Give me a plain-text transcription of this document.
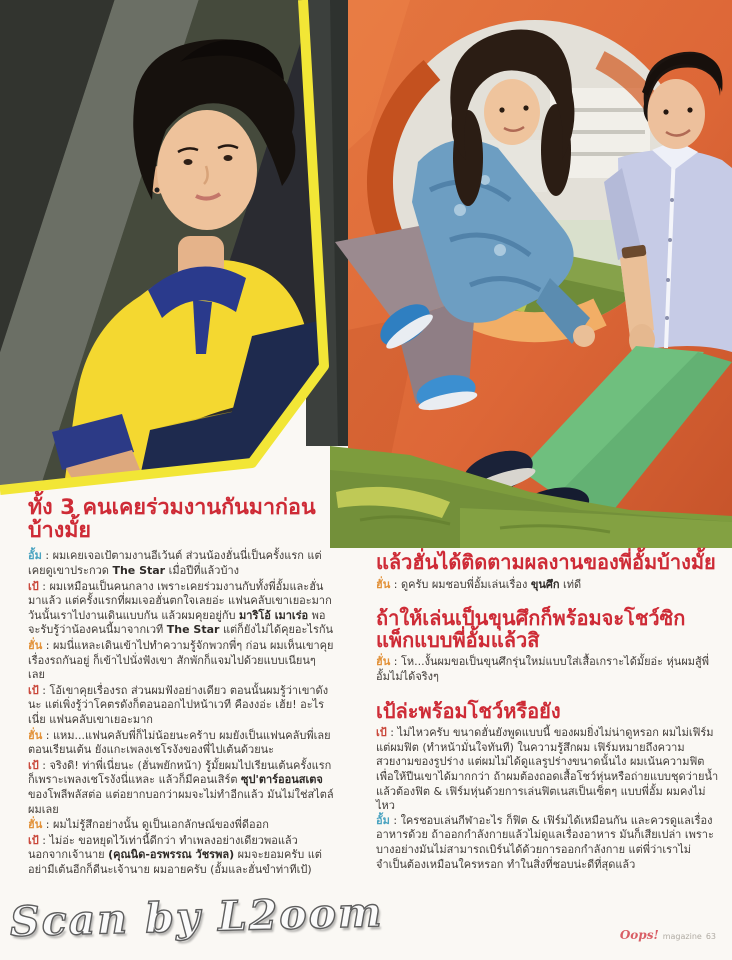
ทั้ง 3 คนเคยร่วมงานกันมาก่อนบ้างมั้ย

อั้ม : ผมเคยเจอเป้ตามงานอีเว้นต์ ส่วนน้องฮั่นนี่เป็นครั้งแรก แต่เคยดูเขาประกวด The Star เมื่อปีที่แล้วบ้าง

เป้ : ผมเหมือนเป็นคนกลาง เพราะเคยร่วมงานกับทั้งพี่อั้มและฮั่นมาแล้ว แต่ครั้งแรกที่ผมเจอฮั่นตกใจเลยอ่ะ แฟนคลับเขาเยอะมาก วันนั้นเราไปงานเดินแบบกัน แล้วผมคุยอยู่กับ มาริโอ้ เมาเร่อ พอจะรับรู้ว่าน้องคนนี้มาจากเวที The Star แต่ก็ยังไม่ได้คุยอะไรกัน

ฮั่น : ผมนี่แหละเดินเข้าไปทำความรู้จักพวกพี่ๆ ก่อน ผมเห็นเขาคุยเรื่องรถกันอยู่ ก็เข้าไปนั่งฟังเขา สักพักก็แจมไปด้วยแบบเนียนๆ เลย

เป้ : โอ้เขาคุยเรื่องรถ ส่วนผมฟังอย่างเดียว ตอนนั้นผมรู้ว่าเขาดังนะ แต่เพิ่งรู้ว่าโคตรดังก็ตอนออกไปหน้าเวที คืองงอ่ะ เฮ้ย! อะไรเนี่ย แฟนคลับเขาเยอะมาก

ฮั่น : แหม...แฟนคลับพี่ก็ไม่น้อยนะคร้าบ ผมยังเป็นแฟนคลับพี่เลย ตอนเรียนเต้น ยังแกะเพลงเชโรงังของพี่ไปเต้นด้วยนะ

เป้ : จริงดิ! ท่าพี่เนี่ยนะ (ฮั่นพยักหน้า) รู้มั้ยผมไปเรียนเต้นครั้งแรกก็เพราะเพลงเชโรงังนี่แหละ แล้วก็มีคอนเสิร์ต ซุป'ตาร์ออนสเตจ ของโพลีพลัสต่อ แต่อยากบอกว่าผมจะไม่ทำอีกแล้ว มันไม่ใช่สไตล์ผมเลย

ฮั่น : ผมไม่รู้สึกอย่างนั้น ดูเป็นเอกลักษณ์ของพี่ดีออก

เป้ : ไม่อ่ะ ขอหยุดไว้เท่านี้ดีกว่า ทำเพลงอย่างเดียวพอแล้ว นอกจากเจ้านาย (คุณนิด-อรพรรณ วัชรพล) ผมจะยอมครับ แต่อย่ามีเต้นอีกก็ดีนะเจ้านาย ผมอายครับ (อั้มและฮั่นขำท่าทีเป้)

แล้วฮั่นได้ติดตามผลงานของพี่อั้มบ้างมั้ย

ฮั่น : ดูครับ ผมชอบพี่อั้มเล่นเรื่อง ขุนศึก เท่ดี

ถ้าให้เล่นเป็นขุนศึกก็พร้อมจะโชว์ซิกแพ็กแบบพี่อั้มแล้วสิ

ฮั่น : โห...งั้นผมขอเป็นขุนศึกรุ่นใหม่แบบใส่เสื้อเกราะได้มั้ยอ่ะ หุ่นผมสู้พี่อั้มไม่ได้จริงๆ

เป้ล่ะพร้อมโชว์หรือยัง

เป้ : ไม่ไหวครับ ขนาดฮั่นยังพูดแบบนี้ ของผมยิ่งไม่น่าดูหรอก ผมไม่เฟิร์มแต่ผมฟิต (ทำหน้ามั่นใจทันที) ในความรู้สึกผม เฟิร์มหมายถึงความสวยงามของรูปร่าง แต่ผมไม่ได้ดูแลรูปร่างขนาดนั้นไง ผมเน้นความฟิตเพื่อให้ปีนเขาได้มากกว่า ถ้าผมต้องถอดเสื้อโชว์หุ่นหรือถ่ายแบบชุดว่ายน้ำ แล้วต้องฟิต & เฟิร์มหุ่นด้วยการเล่นฟิตเนสเป็นเซ็ตๆ แบบพี่อั้ม ผมคงไม่ไหว

อั้ม : ใครชอบเล่นกีฬาอะไร ก็ฟิต & เฟิร์มได้เหมือนกัน และควรดูแลเรื่องอาหารด้วย ถ้าออกกำลังกายแล้วไม่ดูแลเรื่องอาหาร มันก็เสียเปล่า เพราะบางอย่างมันไม่สามารถเบิร์นได้ด้วยการออกกำลังกาย แต่พี่ว่าเราไม่จำเป็นต้องเหมือนใครหรอก ทำในสิ่งที่ชอบน่ะดีที่สุดแล้ว

Scan by L2oom	Oops! magazine 63
